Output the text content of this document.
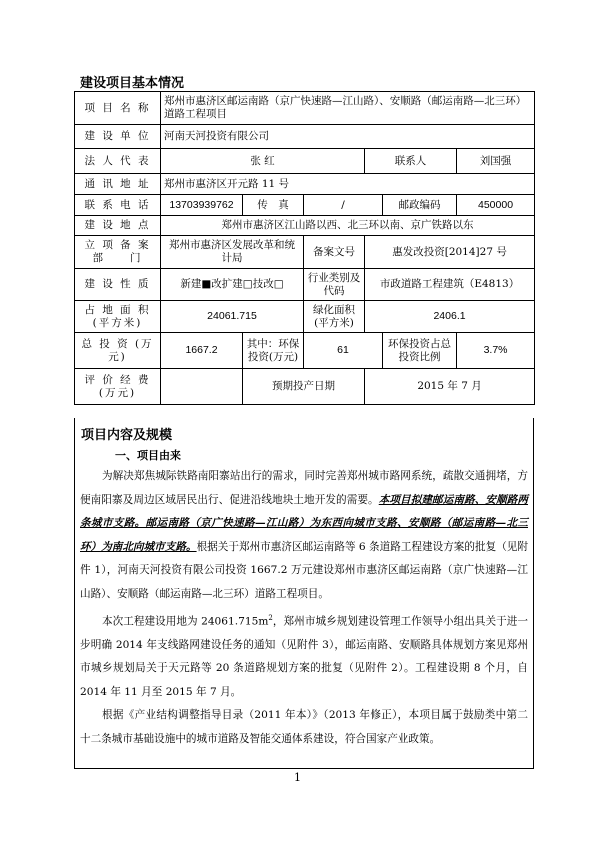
建设项目基本情况
项 目 名 称	郑州市惠济区邮运南路（京广快速路—江山路）、安顺路（邮运南路—北三环）道路工程项目					
建 设 单 位	河南天河投资有限公司					
法 人 代 表	张 红			联系人		刘国强
通 讯 地 址	郑州市惠济区开元路 11 号					
联 系 电 话	13703939762	传　真	/		邮政编码	450000
建 设 地 点	郑州市惠济区江山路以西、北三环以南、京广铁路以东					
立 项 备 案 部　　门	郑州市惠济区发展改革和统计局		备案文号	惠发改投资[2014]27 号		
建 设 性 质	新建■改扩建□技改□		行业类别及代码	市政道路工程建筑（E4813）		
占 地 面 积 (平方米)	24061.715		绿化面积 (平方米)	2406.1		
总 投 资 (万元)	1667.2	其中：环保投资(万元)	61		环保投资占总投资比例	3.7%
评 价 经 费 (万元)		预期投产日期		2015 年 7 月		
项目内容及规模
一、项目由来

为解决郑焦城际铁路南阳寨站出行的需求，同时完善郑州城市路网系统，疏散交通拥堵，方便南阳寨及周边区域居民出行、促进沿线地块土地开发的需要。本项目拟建邮运南路、安顺路两条城市支路。邮运南路（京广快速路—江山路）为东西向城市支路、安顺路（邮运南路—北三环）为南北向城市支路。根据关于郑州市惠济区邮运南路等 6 条道路工程建设方案的批复（见附件 1），河南天河投资有限公司投资 1667.2 万元建设郑州市惠济区邮运南路（京广快速路—江山路）、安顺路（邮运南路—北三环）道路工程项目。

本次工程建设用地为 $24061.715m^2$，郑州市城乡规划建设管理工作领导小组出具关于进一步明确 2014 年支线路网建设任务的通知（见附件 3），邮运南路、安顺路具体规划方案见郑州市城乡规划局关于天元路等 20 条道路规划方案的批复（见附件 2）。工程建设期 8 个月，自 2014 年 11 月至 2015 年 7 月。

根据《产业结构调整指导目录（2011 年本）》（2013 年修正），本项目属于鼓励类中第二十二条城市基础设施中的城市道路及智能交通体系建设，符合国家产业政策。

1
